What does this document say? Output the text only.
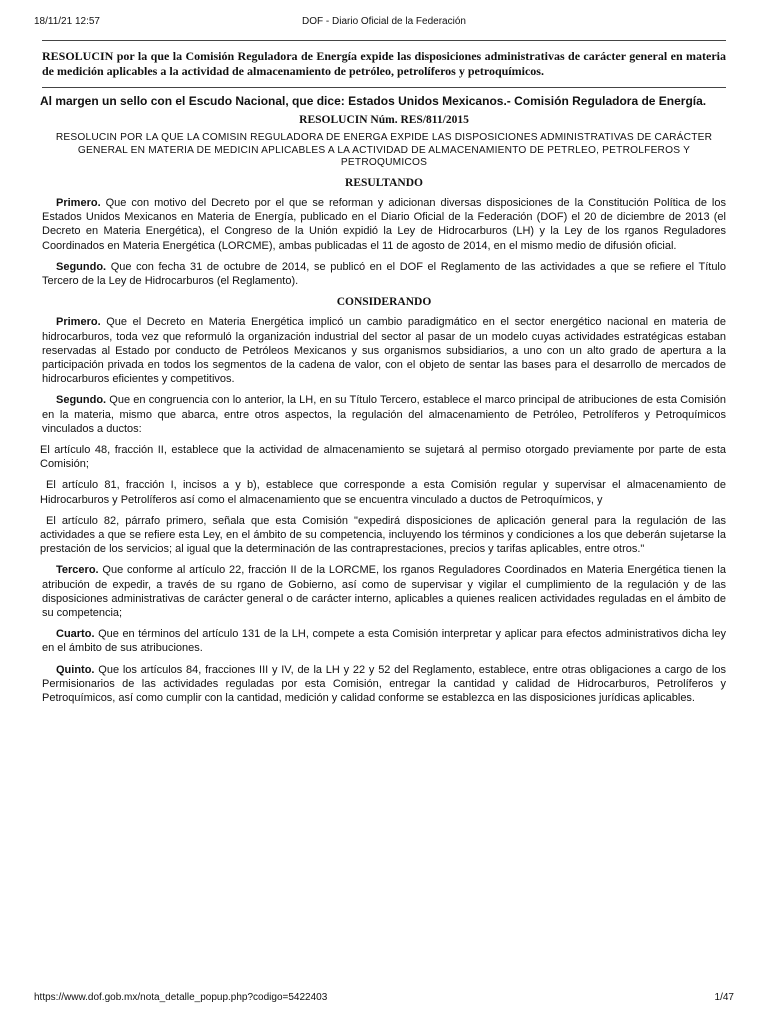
18/11/21 12:57	DOF - Diario Oficial de la Federación
RESOLUCIN por la que la Comisión Reguladora de Energía expide las disposiciones administrativas de carácter general en materia de medición aplicables a la actividad de almacenamiento de petróleo, petrolíferos y petroquímicos.
Al margen un sello con el Escudo Nacional, que dice: Estados Unidos Mexicanos.- Comisión Reguladora de Energía.
RESOLUCIN Núm. RES/811/2015
RESOLUCIN POR LA QUE LA COMISIN REGULADORA DE ENERGA EXPIDE LAS DISPOSICIONES ADMINISTRATIVAS DE CARÁCTER GENERAL EN MATERIA DE MEDICIN APLICABLES A LA ACTIVIDAD DE ALMACENAMIENTO DE PETRLEO, PETROLFEROS Y PETROQUMICOS
RESULTANDO

Primero. Que con motivo del Decreto por el que se reforman y adicionan diversas disposiciones de la Constitución Política de los Estados Unidos Mexicanos en Materia de Energía, publicado en el Diario Oficial de la Federación (DOF) el 20 de diciembre de 2013 (el Decreto en Materia Energética), el Congreso de la Unión expidió la Ley de Hidrocarburos (LH) y la Ley de los rganos Reguladores Coordinados en Materia Energética (LORCME), ambas publicadas el 11 de agosto de 2014, en el mismo medio de difusión oficial.

Segundo. Que con fecha 31 de octubre de 2014, se publicó en el DOF el Reglamento de las actividades a que se refiere el Título Tercero de la Ley de Hidrocarburos (el Reglamento).

CONSIDERANDO

Primero. Que el Decreto en Materia Energética implicó un cambio paradigmático en el sector energético nacional en materia de hidrocarburos, toda vez que reformuló la organización industrial del sector al pasar de un modelo cuyas actividades estratégicas estaban reservadas al Estado por conducto de Petróleos Mexicanos y sus organismos subsidiarios, a uno con un alto grado de apertura a la participación privada en todos los segmentos de la cadena de valor, con el objeto de sentar las bases para el desarrollo de mercados de hidrocarburos eficientes y competitivos.

Segundo. Que en congruencia con lo anterior, la LH, en su Título Tercero, establece el marco principal de atribuciones de esta Comisión en la materia, mismo que abarca, entre otros aspectos, la regulación del almacenamiento de Petróleo, Petrolíferos y Petroquímicos vinculados a ductos:

El artículo 48, fracción II, establece que la actividad de almacenamiento se sujetará al permiso otorgado previamente por parte de esta Comisión;

El artículo 81, fracción I, incisos a y b), establece que corresponde a esta Comisión regular y supervisar el almacenamiento de Hidrocarburos y Petrolíferos así como el almacenamiento que se encuentra vinculado a ductos de Petroquímicos, y

El artículo 82, párrafo primero, señala que esta Comisión "expedirá disposiciones de aplicación general para la regulación de las actividades a que se refiere esta Ley, en el ámbito de su competencia, incluyendo los términos y condiciones a los que deberán sujetarse la prestación de los servicios; al igual que la determinación de las contraprestaciones, precios y tarifas aplicables, entre otros."

Tercero. Que conforme al artículo 22, fracción II de la LORCME, los rganos Reguladores Coordinados en Materia Energética tienen la atribución de expedir, a través de su rgano de Gobierno, así como de supervisar y vigilar el cumplimiento de la regulación y de las disposiciones administrativas de carácter general o de carácter interno, aplicables a quienes realicen actividades reguladas en el ámbito de su competencia;

Cuarto. Que en términos del artículo 131 de la LH, compete a esta Comisión interpretar y aplicar para efectos administrativos dicha ley en el ámbito de sus atribuciones.

Quinto. Que los artículos 84, fracciones III y IV, de la LH y 22 y 52 del Reglamento, establece, entre otras obligaciones a cargo de los Permisionarios de las actividades reguladas por esta Comisión, entregar la cantidad y calidad de Hidrocarburos, Petrolíferos y Petroquímicos, así como cumplir con la cantidad, medición y calidad conforme se establezca en las disposiciones jurídicas aplicables.

https://www.dof.gob.mx/nota_detalle_popup.php?codigo=5422403	1/47
